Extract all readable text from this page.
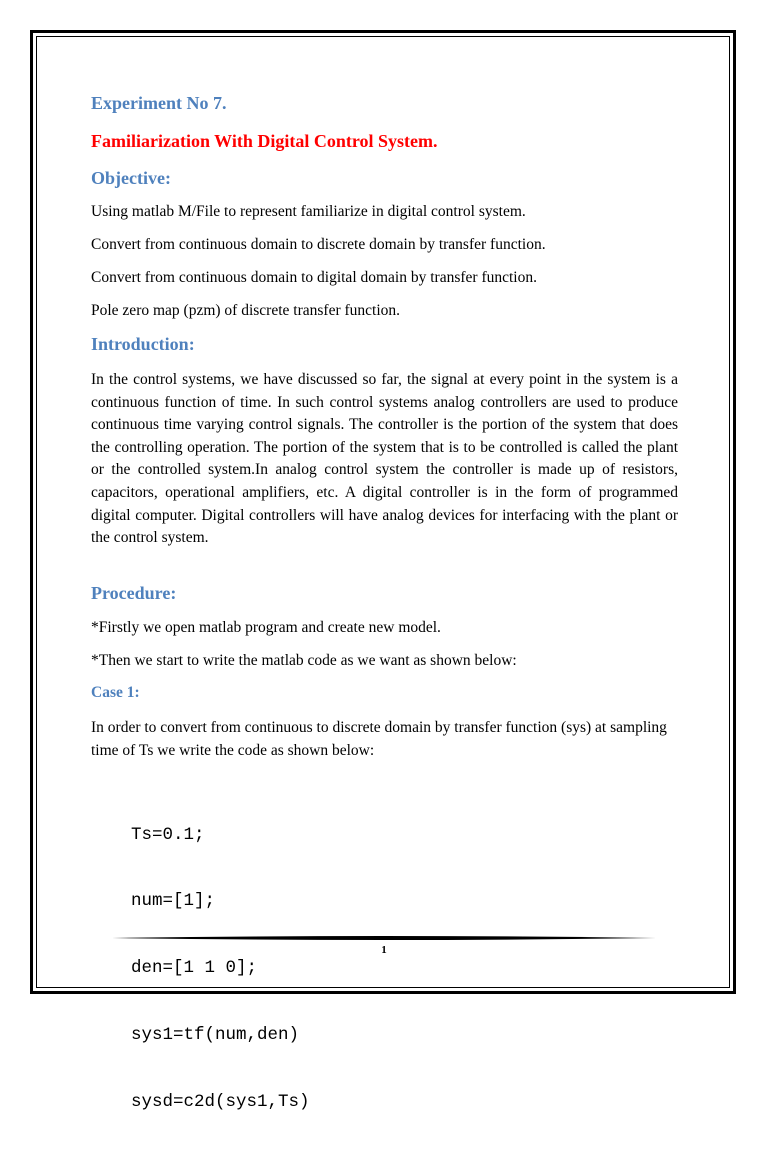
Experiment No 7.
Familiarization With Digital Control System.
Objective:
Using matlab M/File to represent familiarize in digital control system.
Convert from continuous domain to discrete domain by transfer function.
Convert from continuous domain to digital domain by transfer function.
Pole zero map (pzm) of discrete transfer function.
Introduction:
In the control systems, we have discussed so far, the signal at every point in the system is a continuous function of time. In such control systems analog controllers are used to produce continuous time varying control signals. The controller is the portion of the system that does the controlling operation. The portion of the system that is to be controlled is called the plant or the controlled system.In analog control system the controller is made up of resistors, capacitors, operational amplifiers, etc. A digital controller is in the form of programmed digital computer. Digital controllers will have analog devices for interfacing with the plant or the control system.
Procedure:
*Firstly we open matlab program and create new model.
*Then we start to write the matlab code as we want as shown below:
Case 1:
In order to convert from continuous to discrete domain by transfer function (sys) at sampling time of Ts we write the code as shown below:

Ts=0.1;

num=[1];

den=[1 1 0];

sys1=tf(num,den)

sysd=c2d(sys1,Ts)

1
